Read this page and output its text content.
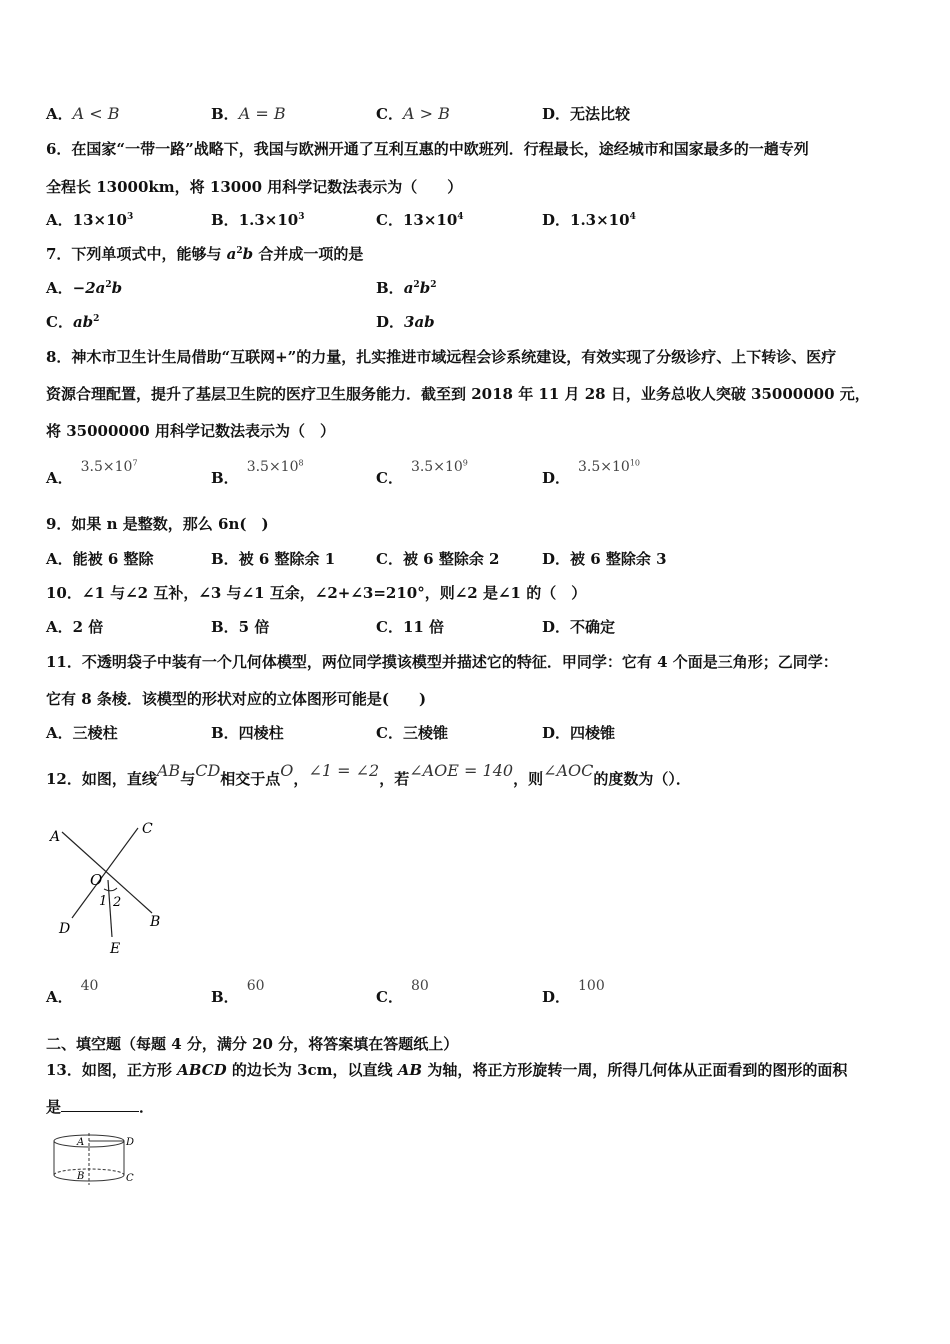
A．A < B	B．A = B	C．A > B	D．无法比较
6．在国家“一带一路”战略下，我国与欧洲开通了互利互惠的中欧班列．行程最长，途经城市和国家最多的一趟专列
全程长 13000km，将 13000 用科学记数法表示为（　　）
A．$13\times 10^3$	B．$1.3\times 10^3$	C．$13\times 10^4$	D．$1.3\times 10^4$
7．下列单项式中，能够与 $a^2b$ 合并成一项的是
A．$-2a^2b$	B．$a^2b^2$
C．$ab^2$	D．3ab
8．神木市卫生计生局借助“互联网+”的力量，扎实推进市域远程会诊系统建设，有效实现了分级诊疗、上下转诊、医疗
资源合理配置，提升了基层卫生院的医疗卫生服务能力．截至到 2018 年 11 月 28 日，业务总收人突破 35000000 元，
将 35000000 用科学记数法表示为（　）
A．$3.5\times 10^7$
B．$3.5\times 10^8$
C．$3.5\times 10^9$
D．$3.5\times 10^{10}$
9．如果 n 是整数，那么 6n(　)
A．能被 6 整除	B．被 6 整除余 1	C．被 6 整除余 2	D．被 6 整除余 3
10．∠1 与∠2 互补，∠3 与∠1 互余，∠2+∠3=210°，则∠2 是∠1 的（　）
A．2 倍	B．5 倍	C．11 倍	D．不确定
11．不透明袋子中装有一个几何体模型，两位同学摸该模型并描述它的特征．甲同学：它有 4 个面是三角形；乙同学：
它有 8 条棱．该模型的形状对应的立体图形可能是(　　)
A．三棱柱	B．四棱柱	C．三棱锥	D．四棱锥
12．如图，直线AB与CD相交于点O，∠1 = ∠2，若∠AOE = 140，则∠AOC的度数为（）．
A	C
O
1 2
D	B
E
A．40
B．60
C．80
D．100
二、填空题（每题 4 分，满分 20 分，将答案填在答题纸上）
13．如图，正方形 ABCD 的边长为 3cm，以直线 AB 为轴，将正方形旋转一周，所得几何体从正面看到的图形的面积
是	．
A	D
B	C
